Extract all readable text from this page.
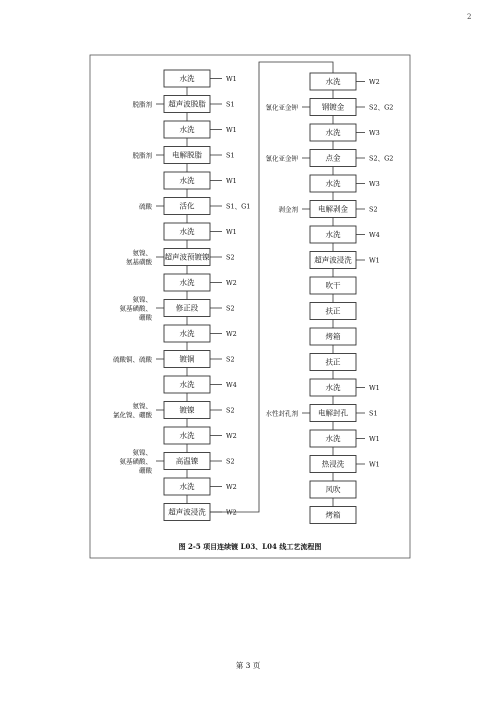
水洗	W1
超声波脱脂	S1
脱脂剂
水洗	W1
电解脱脂	S1
脱脂剂
水洗	W1
活化	S1、G1
硫酸
水洗	W1
超声波预镀镍	S2
氨镍、氨基磺酸
水洗	W2
修正段	S2
氨镍、氨基磺酸、硼酸
水洗	W2
镀铜	S2
硫酸铜、硫酸
水洗	W4
镀镍	S2
氨镍、氯化镍、硼酸
水洗	W2
高温镍	S2
氨镍、氨基磺酸、硼酸
水洗	W2
超声波浸洗	W2
水洗	W2
钢镀金	S2、G2
氰化亚金钾
水洗	W3
点金	S2、G2
氰化亚金钾
水洗	W3
电解剥金	S2
剥金剂
水洗	W4
超声波浸洗	W1
吹干
扶正
烤箱
扶正
水洗	W1
电解封孔	S1
水性封孔剂
水洗	W1
热浸洗	W1
风吹
烤箱
图 2-5 项目连续镀 L03、L04 线工艺流程图
第 3 页
2
